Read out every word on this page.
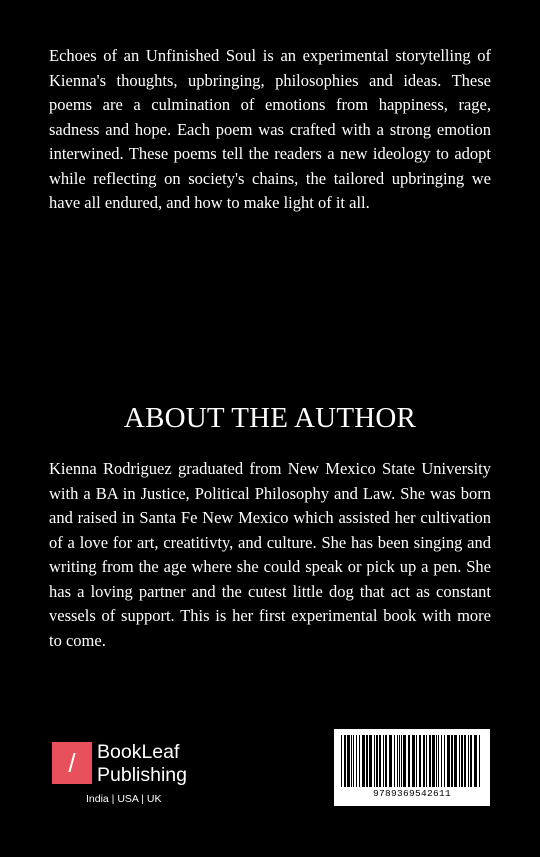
Echoes of an Unfinished Soul is an experimental storytelling of Kienna's thoughts, upbringing, philosophies and ideas. These poems are a culmination of emotions from happiness, rage, sadness and hope. Each poem was crafted with a strong emotion interwined. These poems tell the readers a new ideology to adopt while reflecting on society's chains, the tailored upbringing we have all endured, and how to make light of it all.

ABOUT THE AUTHOR

Kienna Rodriguez graduated from New Mexico State University with a BA in Justice, Political Philosophy and Law. She was born and raised in Santa Fe New Mexico which assisted her cultivation of a love for art, creatitivty, and culture. She has been singing and writing from the age where she could speak or pick up a pen. She has a loving partner and the cutest little dog that act as constant vessels of support. This is her first experimental book with more to come.

/	BookLeaf
Publishing
India | USA | UK	9789369542611
